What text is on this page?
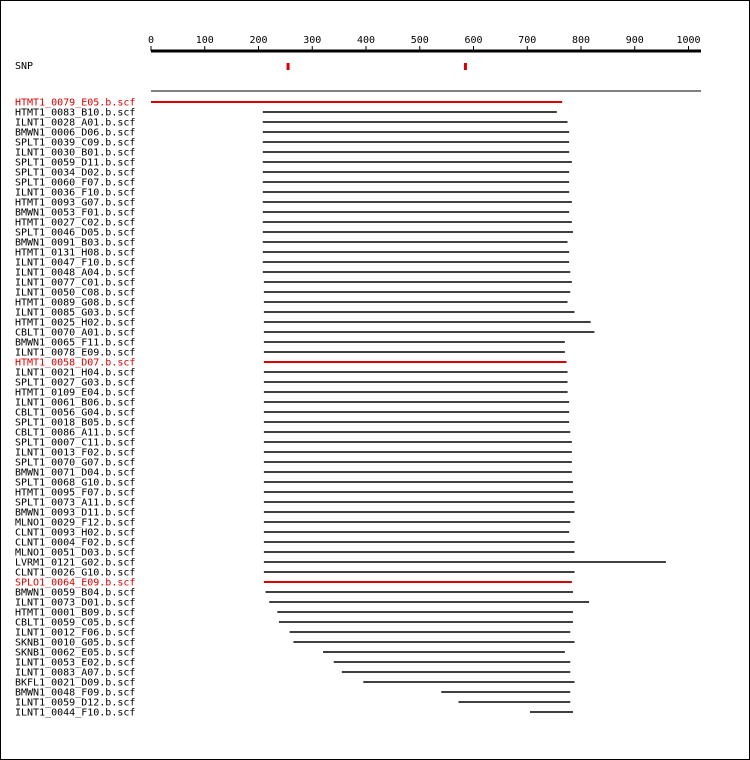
0	100	200	300	400	500	600	700	800	900	1000
SNP
HTMT1_0079_E05.b.scf
HTMT1_0083_B10.b.scf
ILNT1_0028_A01.b.scf
BMWN1_0006_D06.b.scf
SPLT1_0039_C09.b.scf
ILNT1_0030_B01.b.scf
SPLT1_0059_D11.b.scf
SPLT1_0034_D02.b.scf
SPLT1_0060_F07.b.scf
ILNT1_0036_F10.b.scf
HTMT1_0093_G07.b.scf
BMWN1_0053_F01.b.scf
HTMT1_0027_C02.b.scf
SPLT1_0046_D05.b.scf
BMWN1_0091_B03.b.scf
HTMT1_0131_H08.b.scf
ILNT1_0047_F10.b.scf
ILNT1_0048_A04.b.scf
ILNT1_0077_C01.b.scf
ILNT1_0050_C08.b.scf
HTMT1_0089_G08.b.scf
ILNT1_0085_G03.b.scf
HTMT1_0025_H02.b.scf
CBLT1_0070_A01.b.scf
BMWN1_0065_F11.b.scf
ILNT1_0078_E09.b.scf
HTMT1_0058_D07.b.scf
ILNT1_0021_H04.b.scf
SPLT1_0027_G03.b.scf
HTMT1_0109_E04.b.scf
ILNT1_0061_B06.b.scf
CBLT1_0056_G04.b.scf
SPLT1_0018_B05.b.scf
CBLT1_0086_A11.b.scf
SPLT1_0007_C11.b.scf
ILNT1_0013_F02.b.scf
SPLT1_0070_G07.b.scf
BMWN1_0071_D04.b.scf
SPLT1_0068_G10.b.scf
HTMT1_0095_F07.b.scf
SPLT1_0073_A11.b.scf
BMWN1_0093_D11.b.scf
MLNO1_0029_F12.b.scf
CLNT1_0093_H02.b.scf
CLNT1_0004_F02.b.scf
MLNO1_0051_D03.b.scf
LVRM1_0121_G02.b.scf
CLNT1_0026_G10.b.scf
SPLO1_0064_E09.b.scf
BMWN1_0059_B04.b.scf
ILNT1_0073_D01.b.scf
HTMT1_0001_B09.b.scf
CBLT1_0059_C05.b.scf
ILNT1_0012_F06.b.scf
SKNB1_0010_G05.b.scf
SKNB1_0062_E05.b.scf
ILNT1_0053_E02.b.scf
ILNT1_0083_A07.b.scf
BKFL1_0021_D09.b.scf
BMWN1_0048_F09.b.scf
ILNT1_0059_D12.b.scf
ILNT1_0044_F10.b.scf
